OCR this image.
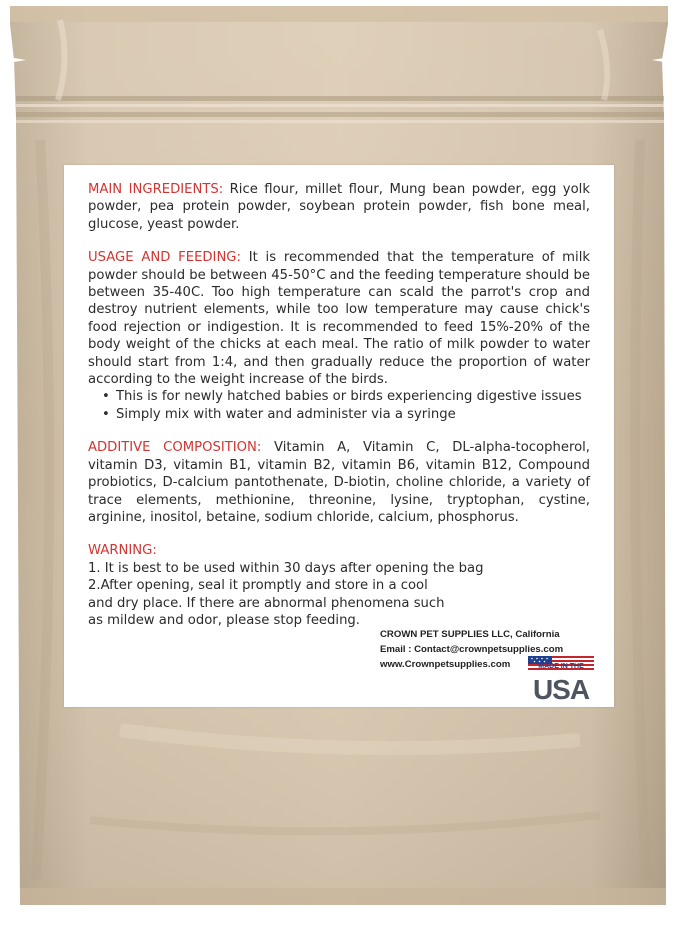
MAIN INGREDIENTS: Rice flour, millet flour, Mung bean powder, egg yolk powder, pea protein powder, soybean protein powder, fish bone meal, glucose, yeast powder.

USAGE AND FEEDING: It is recommended that the temperature of milk powder should be between 45-50°C and the feeding temperature should be between 35-40C. Too high temperature can scald the parrot's crop and destroy nutrient elements, while too low temperature may cause chick's food rejection or indigestion. It is recommended to feed 15%-20% of the body weight of the chicks at each meal. The ratio of milk powder to water should start from 1:4, and then gradually reduce the proportion of water according to the weight increase of the birds.

• This is for newly hatched babies or birds experiencing digestive issues
• Simply mix with water and administer via a syringe

ADDITIVE COMPOSITION: Vitamin A, Vitamin C, DL-alpha-tocopherol, vitamin D3, vitamin B1, vitamin B2, vitamin B6, vitamin B12, Compound probiotics, D-calcium pantothenate, D-biotin, choline chloride, a variety of trace elements, methionine, threonine, lysine, tryptophan, cystine, arginine, inositol, betaine, sodium chloride, calcium, phosphorus.

WARNING:

1. It is best to be used within 30 days after opening the bag

2.After opening, seal it promptly and store in a cool

and dry place. If there are abnormal phenomena such

as mildew and odor, please stop feeding.

CROWN PET SUPPLIES LLC, California
Email : Contact@crownpetsupplies.com
www.Crownpetsupplies.com	MADE IN THE
USA
